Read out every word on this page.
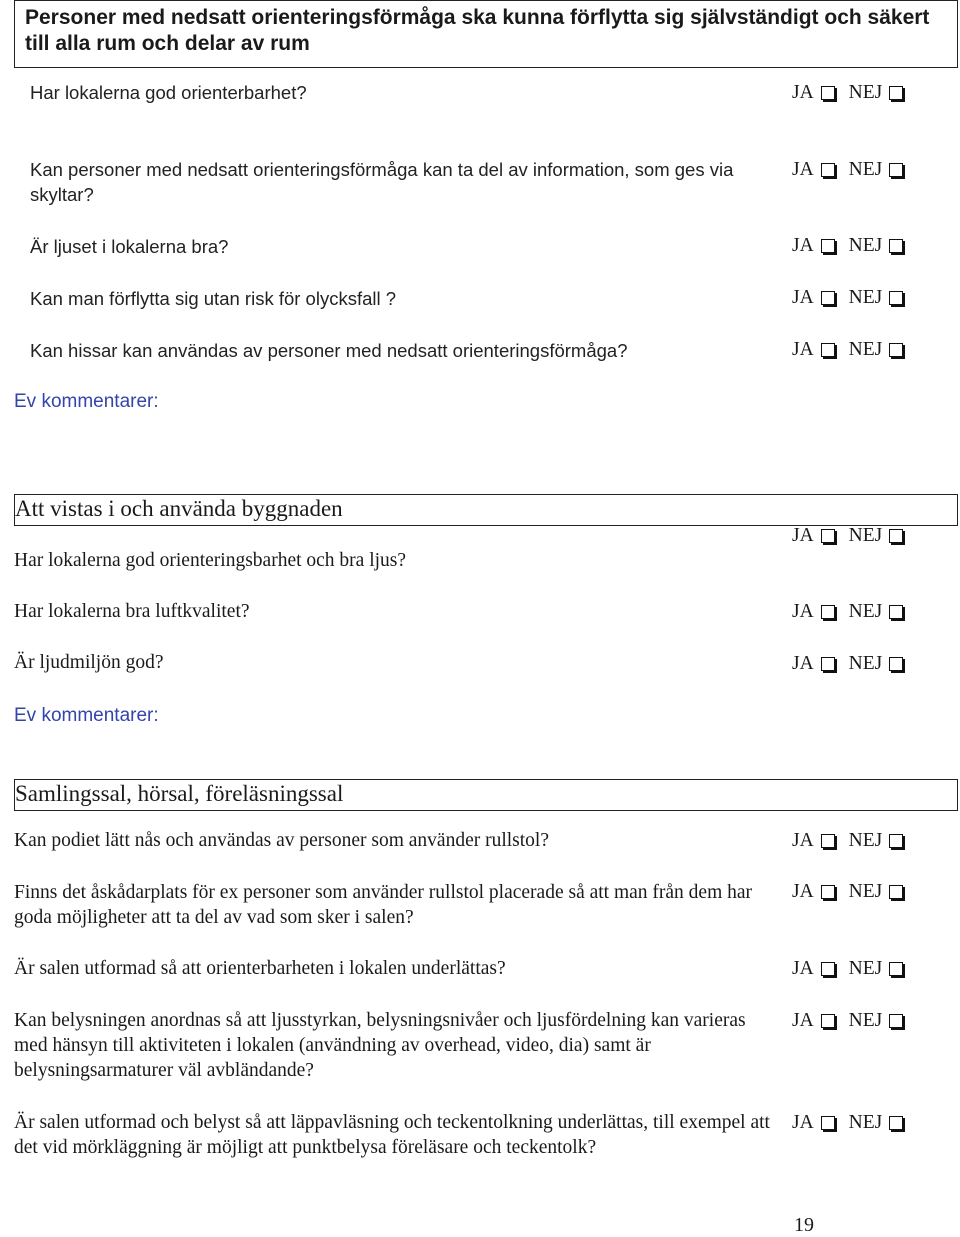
Personer med nedsatt orienteringsförmåga ska kunna förflytta sig självständigt och säkert till alla rum och delar av rum
Har lokalerna god orienterbarhet?
Kan personer med nedsatt orienteringsförmåga kan ta del av information, som ges via skyltar?
Är ljuset i lokalerna bra?
Kan man förflytta sig utan risk för olycksfall ?
Kan hissar kan användas av personer med nedsatt orienteringsförmåga?
JA NEJ
JA NEJ
JA NEJ
JA NEJ
JA NEJ
Ev kommentarer:
Att vistas i och använda byggnaden
Har lokalerna god orienteringsbarhet och bra ljus?
Har lokalerna bra luftkvalitet?
Är ljudmiljön god?
JA NEJ
JA NEJ
JA NEJ
Ev kommentarer:
Samlingssal, hörsal, föreläsningssal
Kan podiet lätt nås och användas av personer som använder rullstol?
Finns det åskådarplats för ex personer som använder rullstol placerade så att man från dem har goda möjligheter att ta del av vad som sker i salen?
Är salen utformad så att orienterbarheten i lokalen underlättas?
Kan belysningen anordnas så att ljusstyrkan, belysningsnivåer och ljusfördelning kan varieras med hänsyn till aktiviteten i lokalen (användning av overhead, video, dia) samt är belysningsarmaturer väl avbländande?
Är salen utformad och belyst så att läppavläsning och teckentolkning underlättas, till exempel att det vid mörkläggning är möjligt att punktbelysa föreläsare och teckentolk?
JA NEJ
JA NEJ
JA NEJ
JA NEJ
JA NEJ
19
